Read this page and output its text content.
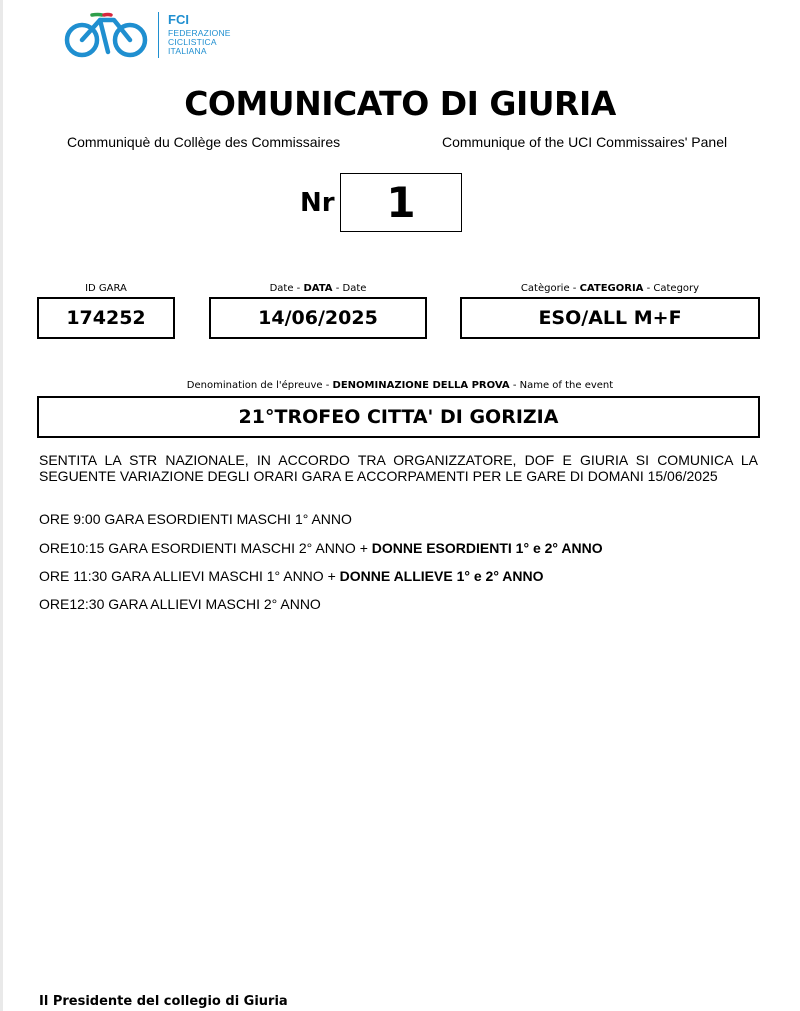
FCI
FEDERAZIONE
CICLISTICA
ITALIANA
COMUNICATO DI GIURIA
Communiquè du Collège des Commissaires	Communique of the UCI Commissaires' Panel
Nr	1
ID GARA
174252
Date - DATA - Date
14/06/2025
Catègorie - CATEGORIA - Category
ESO/ALL M+F
Denomination de l'épreuve - DENOMINAZIONE DELLA PROVA - Name of the event
21°TROFEO CITTA' DI GORIZIA
SENTITA LA STR NAZIONALE, IN ACCORDO TRA ORGANIZZATORE, DOF E GIURIA SI COMUNICA LA SEGUENTE VARIAZIONE DEGLI ORARI GARA E ACCORPAMENTI PER LE GARE DI DOMANI 15/06/2025
ORE 9:00 GARA ESORDIENTI MASCHI 1° ANNO
ORE10:15 GARA ESORDIENTI MASCHI 2° ANNO + DONNE ESORDIENTI 1° e 2° ANNO
ORE 11:30 GARA ALLIEVI MASCHI 1° ANNO + DONNE ALLIEVE 1° e 2° ANNO
ORE12:30 GARA ALLIEVI MASCHI 2° ANNO
Il Presidente del collegio di Giuria
